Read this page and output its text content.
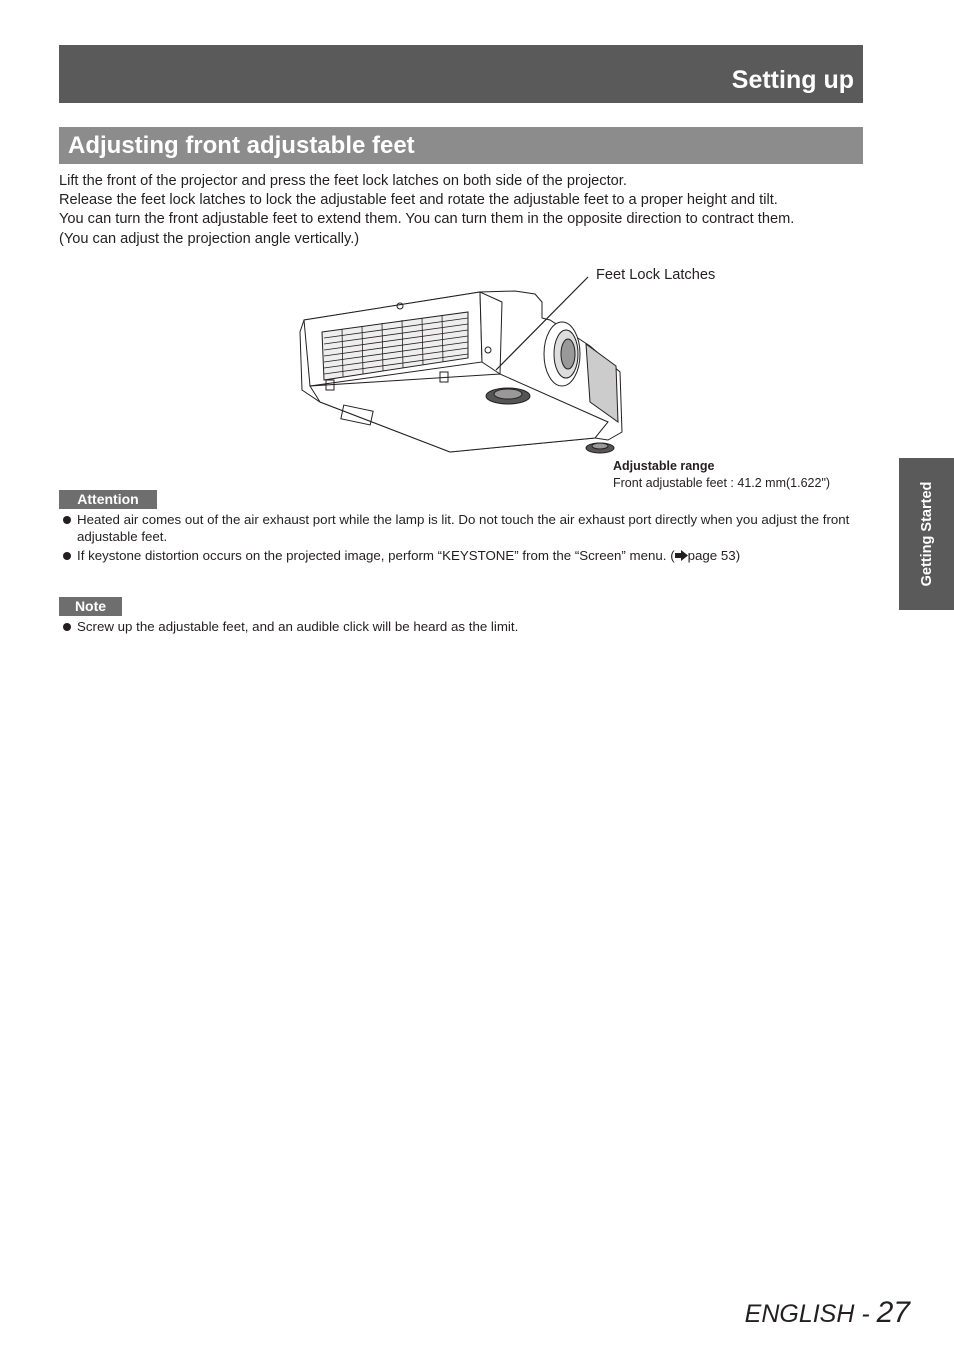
Setting up
Adjusting front adjustable feet

Lift the front of the projector and press the feet lock latches on both side of the projector.

Release the feet lock latches to lock the adjustable feet and rotate the adjustable feet to a proper height and tilt.

You can turn the front adjustable feet to extend them. You can turn them in the opposite direction to contract them.

(You can adjust the projection angle vertically.)

Feet Lock Latches
Adjustable range
Front adjustable feet : 41.2 mm(1.622")
Attention
Heated air comes out of the air exhaust port while the lamp is lit. Do not touch the air exhaust port directly when you adjust the front adjustable feet.
If keystone distortion occurs on the projected image, perform “KEYSTONE” from the “Screen” menu. ( page 53)
Note
Screw up the adjustable feet, and an audible click will be heard as the limit.
Getting Started
ENGLISH - 27
